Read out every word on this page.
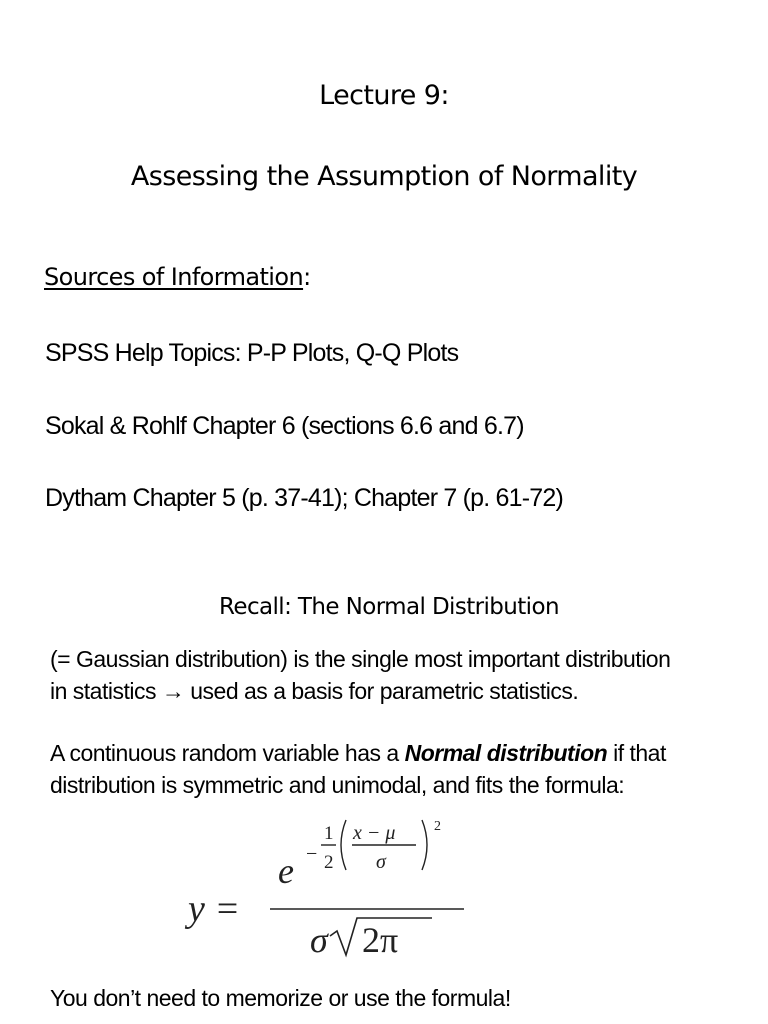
Lecture 9:
Assessing the Assumption of Normality
Sources of Information:
SPSS Help Topics: P-P Plots, Q-Q Plots
Sokal & Rohlf Chapter 6 (sections 6.6 and 6.7)
Dytham Chapter 5 (p. 37-41); Chapter 7 (p. 61-72)
Recall: The Normal Distribution
(= Gaussian distribution) is the single most important distribution
in statistics → used as a basis for parametric statistics.
A continuous random variable has a Normal distribution if that
distribution is symmetric and unimodal, and fits the formula:
y =
e −
1
2
x − μ
σ
2
σ 2π
You don’t need to memorize or use the formula!
